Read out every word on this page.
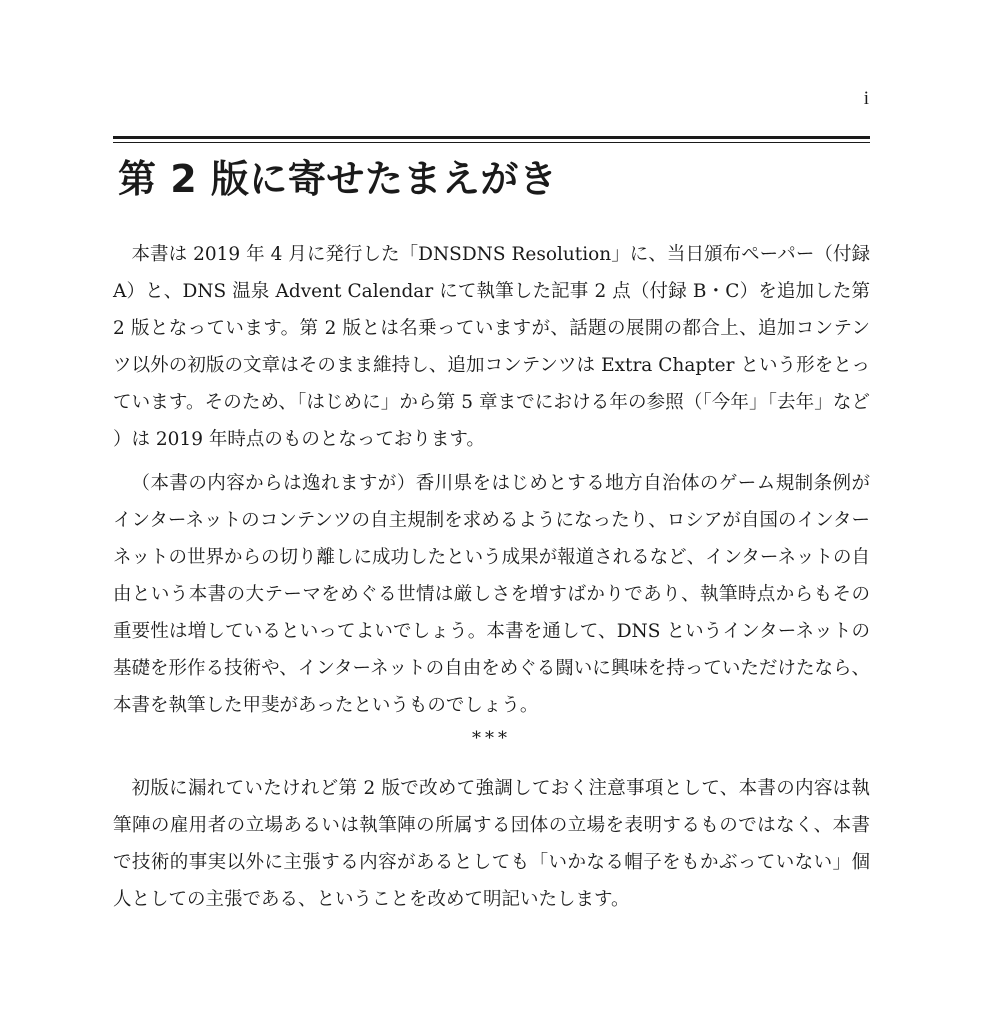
i
第 2 版に寄せたまえがき

本書は 2019 年 4 月に発行した「DNSDNS Resolution」に、当日頒布ペーパー（付録 A）と、DNS 温泉 Advent Calendar にて執筆した記事 2 点（付録 B・C）を追加した第 2 版となっています。第 2 版とは名乗っていますが、話題の展開の都合上、追加コンテンツ以外の初版の文章はそのまま維持し、追加コンテンツは Extra Chapter という形をとっています。そのため、「はじめに」から第 5 章までにおける年の参照（「今年」「去年」など）は 2019 年時点のものとなっております。

（本書の内容からは逸れますが）香川県をはじめとする地方自治体のゲーム規制条例がインターネットのコンテンツの自主規制を求めるようになったり、ロシアが自国のインターネットの世界からの切り離しに成功したという成果が報道されるなど、インターネットの自由という本書の大テーマをめぐる世情は厳しさを増すばかりであり、執筆時点からもその重要性は増しているといってよいでしょう。本書を通して、DNS というインターネットの基礎を形作る技術や、インターネットの自由をめぐる闘いに興味を持っていただけたなら、本書を執筆した甲斐があったというものでしょう。

***

初版に漏れていたけれど第 2 版で改めて強調しておく注意事項として、本書の内容は執筆陣の雇用者の立場あるいは執筆陣の所属する団体の立場を表明するものではなく、本書で技術的事実以外に主張する内容があるとしても「いかなる帽子をもかぶっていない」個人としての主張である、ということを改めて明記いたします。
